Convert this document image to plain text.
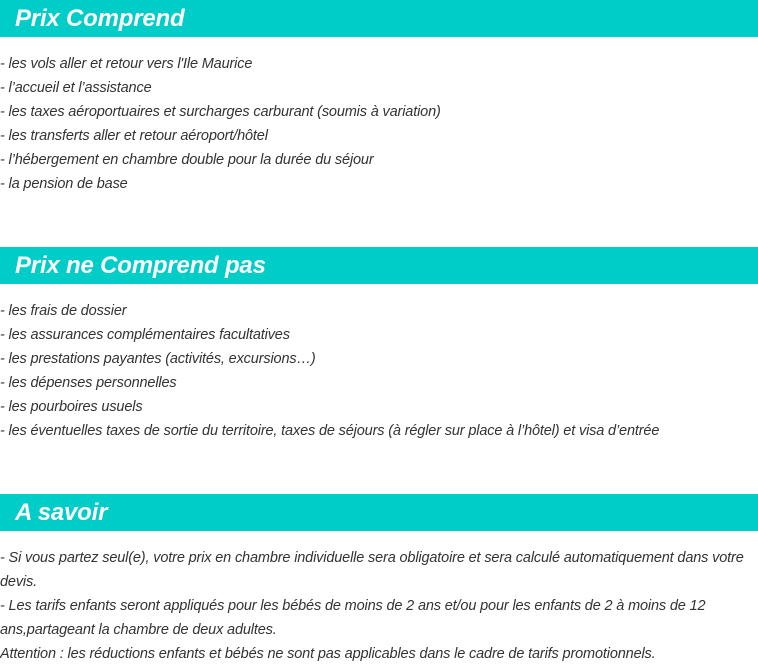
Prix Comprend
- les vols aller et retour vers l'Ile Maurice
- l’accueil et l’assistance
- les taxes aéroportuaires et surcharges carburant (soumis à variation)
- les transferts aller et retour aéroport/hôtel
- l’hébergement en chambre double pour la durée du séjour
- la pension de base
Prix ne Comprend pas
- les frais de dossier
- les assurances complémentaires facultatives
- les prestations payantes (activités, excursions…)
- les dépenses personnelles
- les pourboires usuels
- les éventuelles taxes de sortie du territoire, taxes de séjours (à régler sur place à l’hôtel) et visa d’entrée
A savoir
- Si vous partez seul(e), votre prix en chambre individuelle sera obligatoire et sera calculé automatiquement dans votre devis.
- Les tarifs enfants seront appliqués pour les bébés de moins de 2 ans et/ou pour les enfants de 2 à moins de 12 ans,partageant la chambre de deux adultes.
Attention : les réductions enfants et bébés ne sont pas applicables dans le cadre de tarifs promotionnels.
